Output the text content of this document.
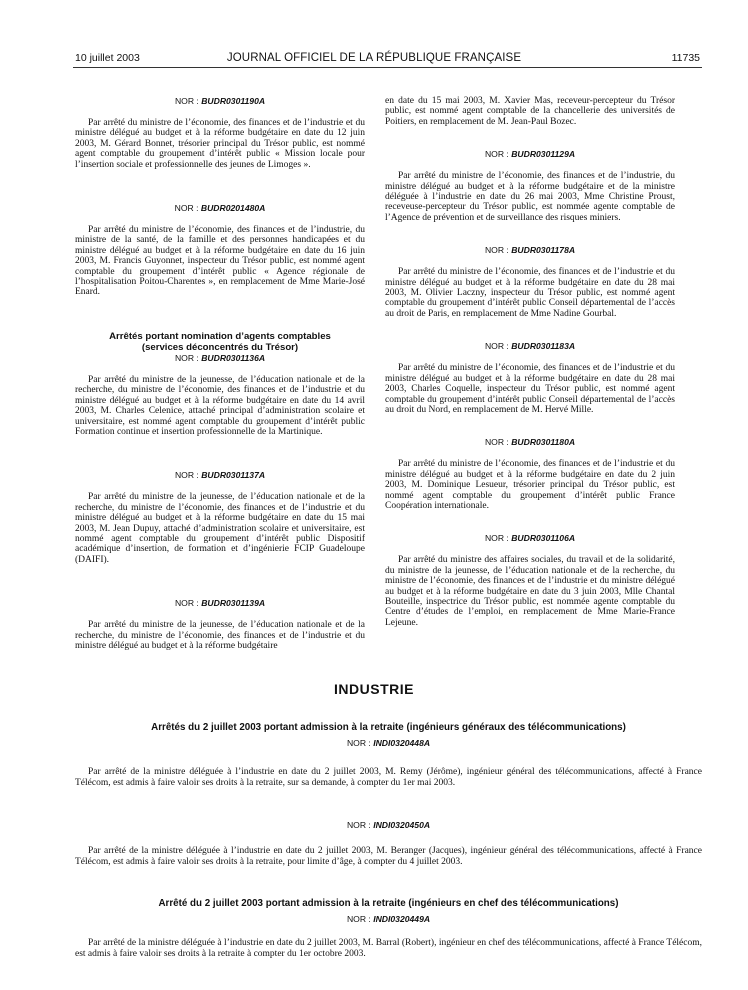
10 juillet 2003	JOURNAL OFFICIEL DE LA RÉPUBLIQUE FRANÇAISE	11735

NOR : BUDR0301190A

Par arrêté du ministre de l’économie, des finances et de l’industrie et du ministre délégué au budget et à la réforme budgétaire en date du 12 juin 2003, M. Gérard Bonnet, trésorier principal du Trésor public, est nommé agent comptable du groupement d’intérêt public « Mission locale pour l’insertion sociale et professionnelle des jeunes de Limoges ».

NOR : BUDR0201480A

Par arrêté du ministre de l’économie, des finances et de l’industrie, du ministre de la santé, de la famille et des personnes handicapées et du ministre délégué au budget et à la réforme budgétaire en date du 16 juin 2003, M. Francis Guyonnet, inspecteur du Trésor public, est nommé agent comptable du groupement d’intérêt public « Agence régionale de l’hospitalisation Poitou-Charentes », en remplacement de Mme Marie-José Enard.

Arrêtés portant nomination d’agents comptables

(services déconcentrés du Trésor)

NOR : BUDR0301136A

Par arrêté du ministre de la jeunesse, de l’éducation nationale et de la recherche, du ministre de l’économie, des finances et de l’industrie et du ministre délégué au budget et à la réforme budgétaire en date du 14 avril 2003, M. Charles Celenice, attaché principal d’administration scolaire et universitaire, est nommé agent comptable du groupement d’intérêt public Formation continue et insertion professionnelle de la Martinique.

NOR : BUDR0301137A

Par arrêté du ministre de la jeunesse, de l’éducation nationale et de la recherche, du ministre de l’économie, des finances et de l’industrie et du ministre délégué au budget et à la réforme budgétaire en date du 15 mai 2003, M. Jean Dupuy, attaché d’administration scolaire et universitaire, est nommé agent comptable du groupement d’intérêt public Dispositif académique d’insertion, de formation et d’ingénierie FCIP Guadeloupe (DAIFI).

NOR : BUDR0301139A

Par arrêté du ministre de la jeunesse, de l’éducation nationale et de la recherche, du ministre de l’économie, des finances et de l’industrie et du ministre délégué au budget et à la réforme budgétaire

en date du 15 mai 2003, M. Xavier Mas, receveur-percepteur du Trésor public, est nommé agent comptable de la chancellerie des universités de Poitiers, en remplacement de M. Jean-Paul Bozec.

NOR : BUDR0301129A

Par arrêté du ministre de l’économie, des finances et de l’industrie, du ministre délégué au budget et à la réforme budgétaire et de la ministre déléguée à l’industrie en date du 26 mai 2003, Mme Christine Proust, receveuse-percepteur du Trésor public, est nommée agente comptable de l’Agence de prévention et de surveillance des risques miniers.

NOR : BUDR0301178A

Par arrêté du ministre de l’économie, des finances et de l’industrie et du ministre délégué au budget et à la réforme budgétaire en date du 28 mai 2003, M. Olivier Laczny, inspecteur du Trésor public, est nommé agent comptable du groupement d’intérêt public Conseil départemental de l’accès au droit de Paris, en remplacement de Mme Nadine Gourbal.

NOR : BUDR0301183A

Par arrêté du ministre de l’économie, des finances et de l’industrie et du ministre délégué au budget et à la réforme budgétaire en date du 28 mai 2003, Charles Coquelle, inspecteur du Trésor public, est nommé agent comptable du groupement d’intérêt public Conseil départemental de l’accès au droit du Nord, en remplacement de M. Hervé Mille.

NOR : BUDR0301180A

Par arrêté du ministre de l’économie, des finances et de l’industrie et du ministre délégué au budget et à la réforme budgétaire en date du 2 juin 2003, M. Dominique Lesueur, trésorier principal du Trésor public, est nommé agent comptable du groupement d’intérêt public France Coopération internationale.

NOR : BUDR0301106A

Par arrêté du ministre des affaires sociales, du travail et de la solidarité, du ministre de la jeunesse, de l’éducation nationale et de la recherche, du ministre de l’économie, des finances et de l’industrie et du ministre délégué au budget et à la réforme budgétaire en date du 3 juin 2003, Mlle Chantal Bouteille, inspectrice du Trésor public, est nommée agente comptable du Centre d’études de l’emploi, en remplacement de Mme Marie-France Lejeune.

INDUSTRIE

Arrêtés du 2 juillet 2003 portant admission à la retraite (ingénieurs généraux des télécommunications)

NOR : INDI0320448A

Par arrêté de la ministre déléguée à l’industrie en date du 2 juillet 2003, M. Remy (Jérôme), ingénieur général des télécommunications, affecté à France Télécom, est admis à faire valoir ses droits à la retraite, sur sa demande, à compter du 1er mai 2003.

NOR : INDI0320450A

Par arrêté de la ministre déléguée à l’industrie en date du 2 juillet 2003, M. Beranger (Jacques), ingénieur général des télécommunications, affecté à France Télécom, est admis à faire valoir ses droits à la retraite, pour limite d’âge, à compter du 4 juillet 2003.

Arrêté du 2 juillet 2003 portant admission à la retraite (ingénieurs en chef des télécommunications)

NOR : INDI0320449A

Par arrêté de la ministre déléguée à l’industrie en date du 2 juillet 2003, M. Barral (Robert), ingénieur en chef des télécommunications, affecté à France Télécom, est admis à faire valoir ses droits à la retraite à compter du 1er octobre 2003.
